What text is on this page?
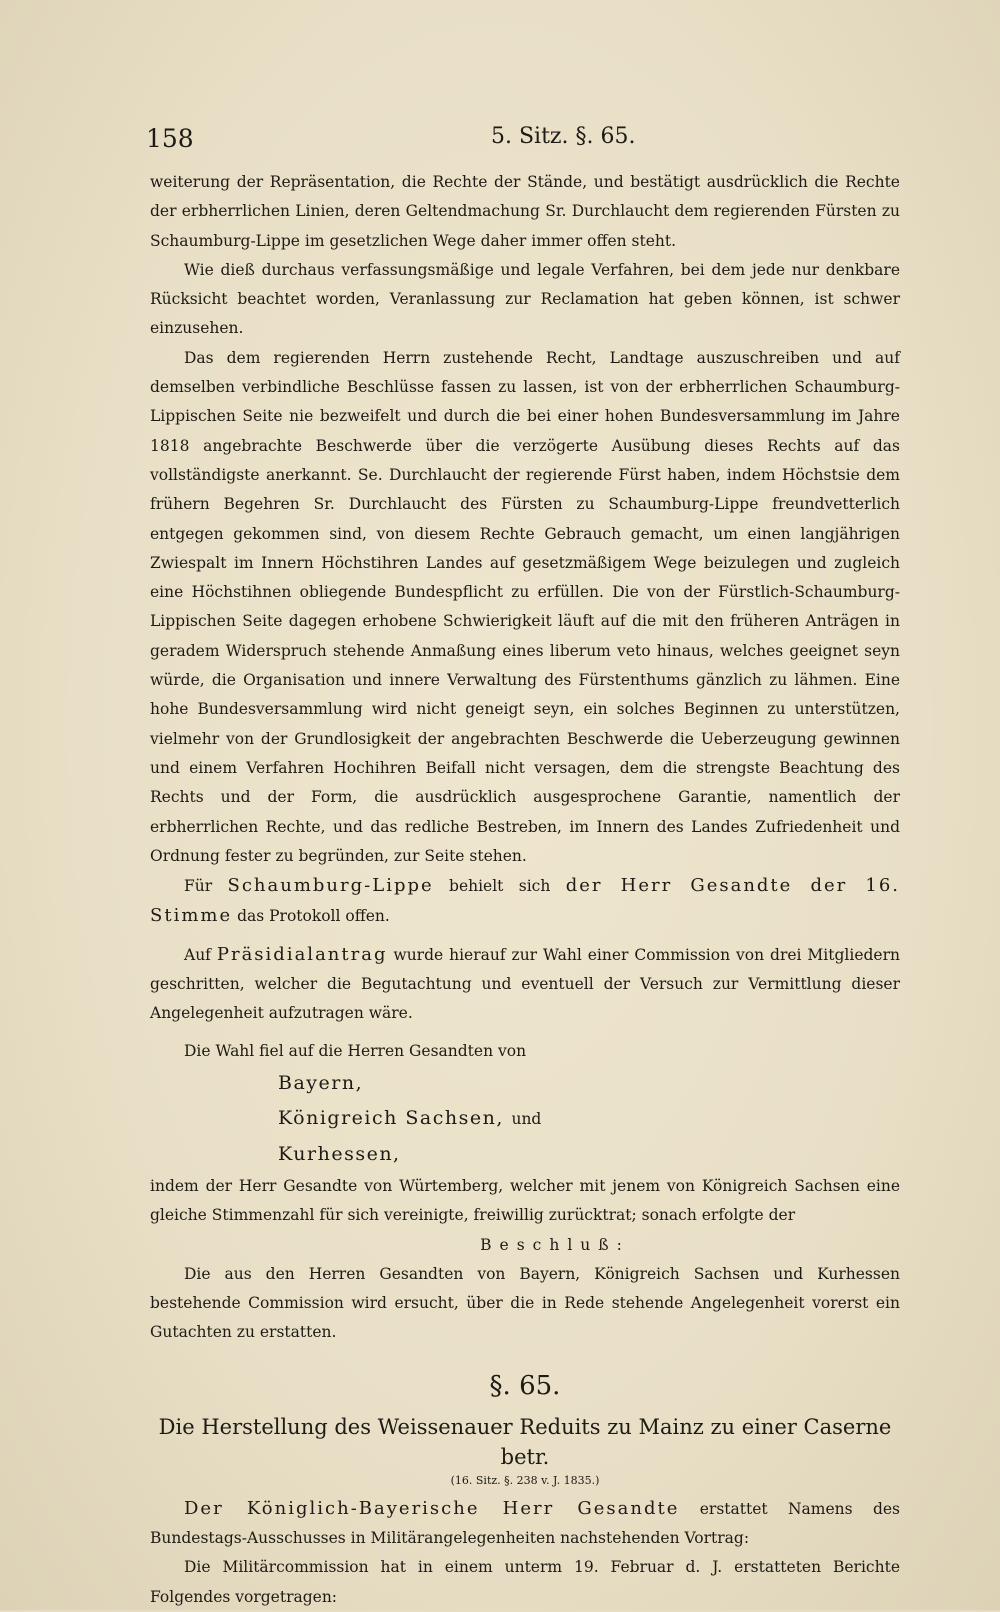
158	5. Sitz. §. 65.

weiterung der Repräsentation, die Rechte der Stände, und bestätigt ausdrücklich die Rechte der erbherrlichen Linien, deren Geltendmachung Sr. Durchlaucht dem regierenden Fürsten zu Schaumburg-Lippe im gesetzlichen Wege daher immer offen steht.

Wie dieß durchaus verfassungsmäßige und legale Verfahren, bei dem jede nur denkbare Rücksicht beachtet worden, Veranlassung zur Reclamation hat geben können, ist schwer einzusehen.

Das dem regierenden Herrn zustehende Recht, Landtage auszuschreiben und auf demselben verbindliche Beschlüsse fassen zu lassen, ist von der erbherrlichen Schaumburg-Lippischen Seite nie bezweifelt und durch die bei einer hohen Bundesversammlung im Jahre 1818 angebrachte Beschwerde über die verzögerte Ausübung dieses Rechts auf das vollständigste anerkannt. Se. Durchlaucht der regierende Fürst haben, indem Höchstsie dem frühern Begehren Sr. Durchlaucht des Fürsten zu Schaumburg-Lippe freundvetterlich entgegen gekommen sind, von diesem Rechte Gebrauch gemacht, um einen langjährigen Zwiespalt im Innern Höchstihren Landes auf gesetzmäßigem Wege beizulegen und zugleich eine Höchstihnen obliegende Bundespflicht zu erfüllen. Die von der Fürstlich-Schaumburg-Lippischen Seite dagegen erhobene Schwierigkeit läuft auf die mit den früheren Anträgen in geradem Widerspruch stehende Anmaßung eines liberum veto hinaus, welches geeignet seyn würde, die Organisation und innere Verwaltung des Fürstenthums gänzlich zu lähmen. Eine hohe Bundesversammlung wird nicht geneigt seyn, ein solches Beginnen zu unterstützen, vielmehr von der Grundlosigkeit der angebrachten Beschwerde die Ueberzeugung gewinnen und einem Verfahren Hochihren Beifall nicht versagen, dem die strengste Beachtung des Rechts und der Form, die ausdrücklich ausgesprochene Garantie, namentlich der erbherrlichen Rechte, und das redliche Bestreben, im Innern des Landes Zufriedenheit und Ordnung fester zu begründen, zur Seite stehen.

Für Schaumburg-Lippe behielt sich der Herr Gesandte der 16. Stimme das Protokoll offen.

Auf Präsidialantrag wurde hierauf zur Wahl einer Commission von drei Mitgliedern geschritten, welcher die Begutachtung und eventuell der Versuch zur Vermittlung dieser Angelegenheit aufzutragen wäre.

Die Wahl fiel auf die Herren Gesandten von

Bayern,
Königreich Sachsen, und
Kurhessen,

indem der Herr Gesandte von Würtemberg, welcher mit jenem von Königreich Sachsen eine gleiche Stimmenzahl für sich vereinigte, freiwillig zurücktrat; sonach erfolgte der

Beschluß:

Die aus den Herren Gesandten von Bayern, Königreich Sachsen und Kurhessen bestehende Commission wird ersucht, über die in Rede stehende Angelegenheit vorerst ein Gutachten zu erstatten.

§. 65.
Die Herstellung des Weissenauer Reduits zu Mainz zu einer Caserne betr.
(16. Sitz. §. 238 v. J. 1835.)

Der Königlich-Bayerische Herr Gesandte erstattet Namens des Bundestags-Ausschusses in Militärangelegenheiten nachstehenden Vortrag:

Die Militärcommission hat in einem unterm 19. Februar d. J. erstatteten Berichte Folgendes vorgetragen:
